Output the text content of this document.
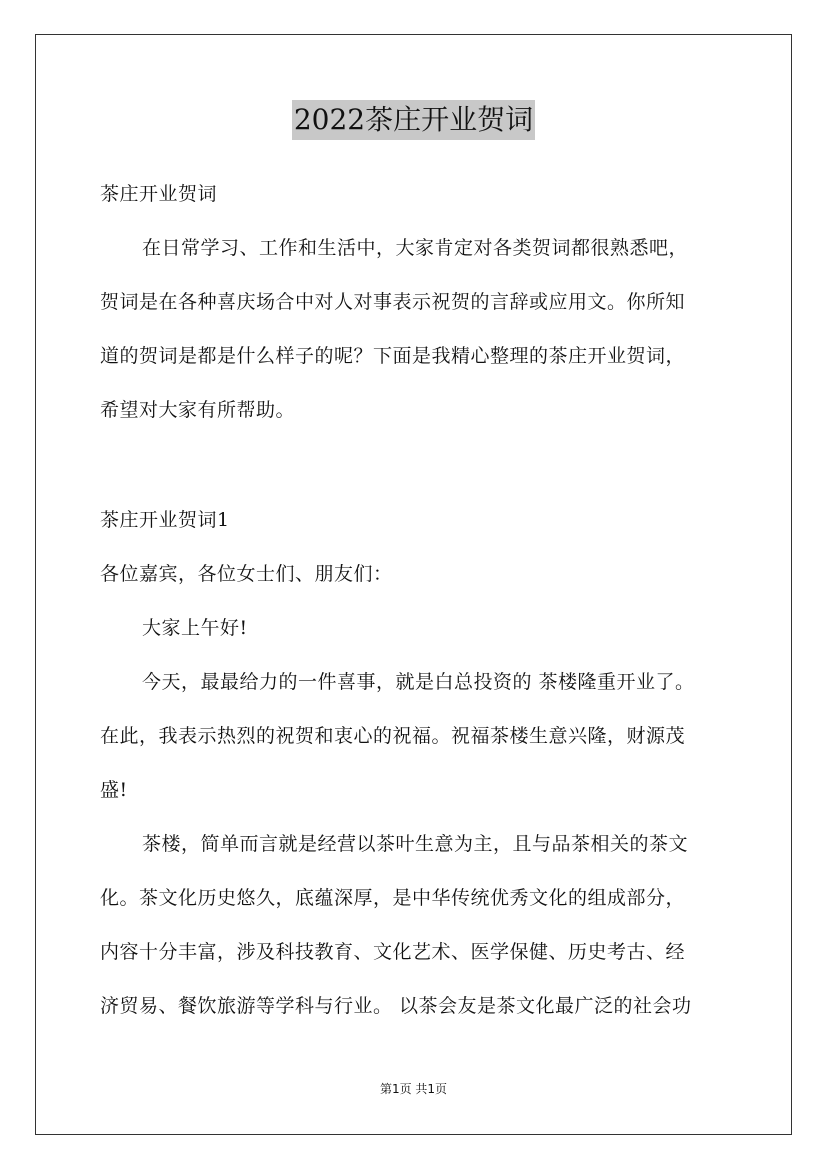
2022茶庄开业贺词
茶庄开业贺词
在日常学习、工作和生活中，大家肯定对各类贺词都很熟悉吧，
贺词是在各种喜庆场合中对人对事表示祝贺的言辞或应用文。你所知
道的贺词是都是什么样子的呢？下面是我精心整理的茶庄开业贺词，
希望对大家有所帮助。
茶庄开业贺词1
各位嘉宾，各位女士们、朋友们：
大家上午好!
今天，最最给力的一件喜事，就是白总投资的 茶楼隆重开业了。
在此，我表示热烈的祝贺和衷心的祝福。祝福茶楼生意兴隆，财源茂
盛!
茶楼，简单而言就是经营以茶叶生意为主，且与品茶相关的茶文
化。茶文化历史悠久，底蕴深厚，是中华传统优秀文化的组成部分，
内容十分丰富，涉及科技教育、文化艺术、医学保健、历史考古、经
济贸易、餐饮旅游等学科与行业。 以茶会友是茶文化最广泛的社会功
第1页 共1页
